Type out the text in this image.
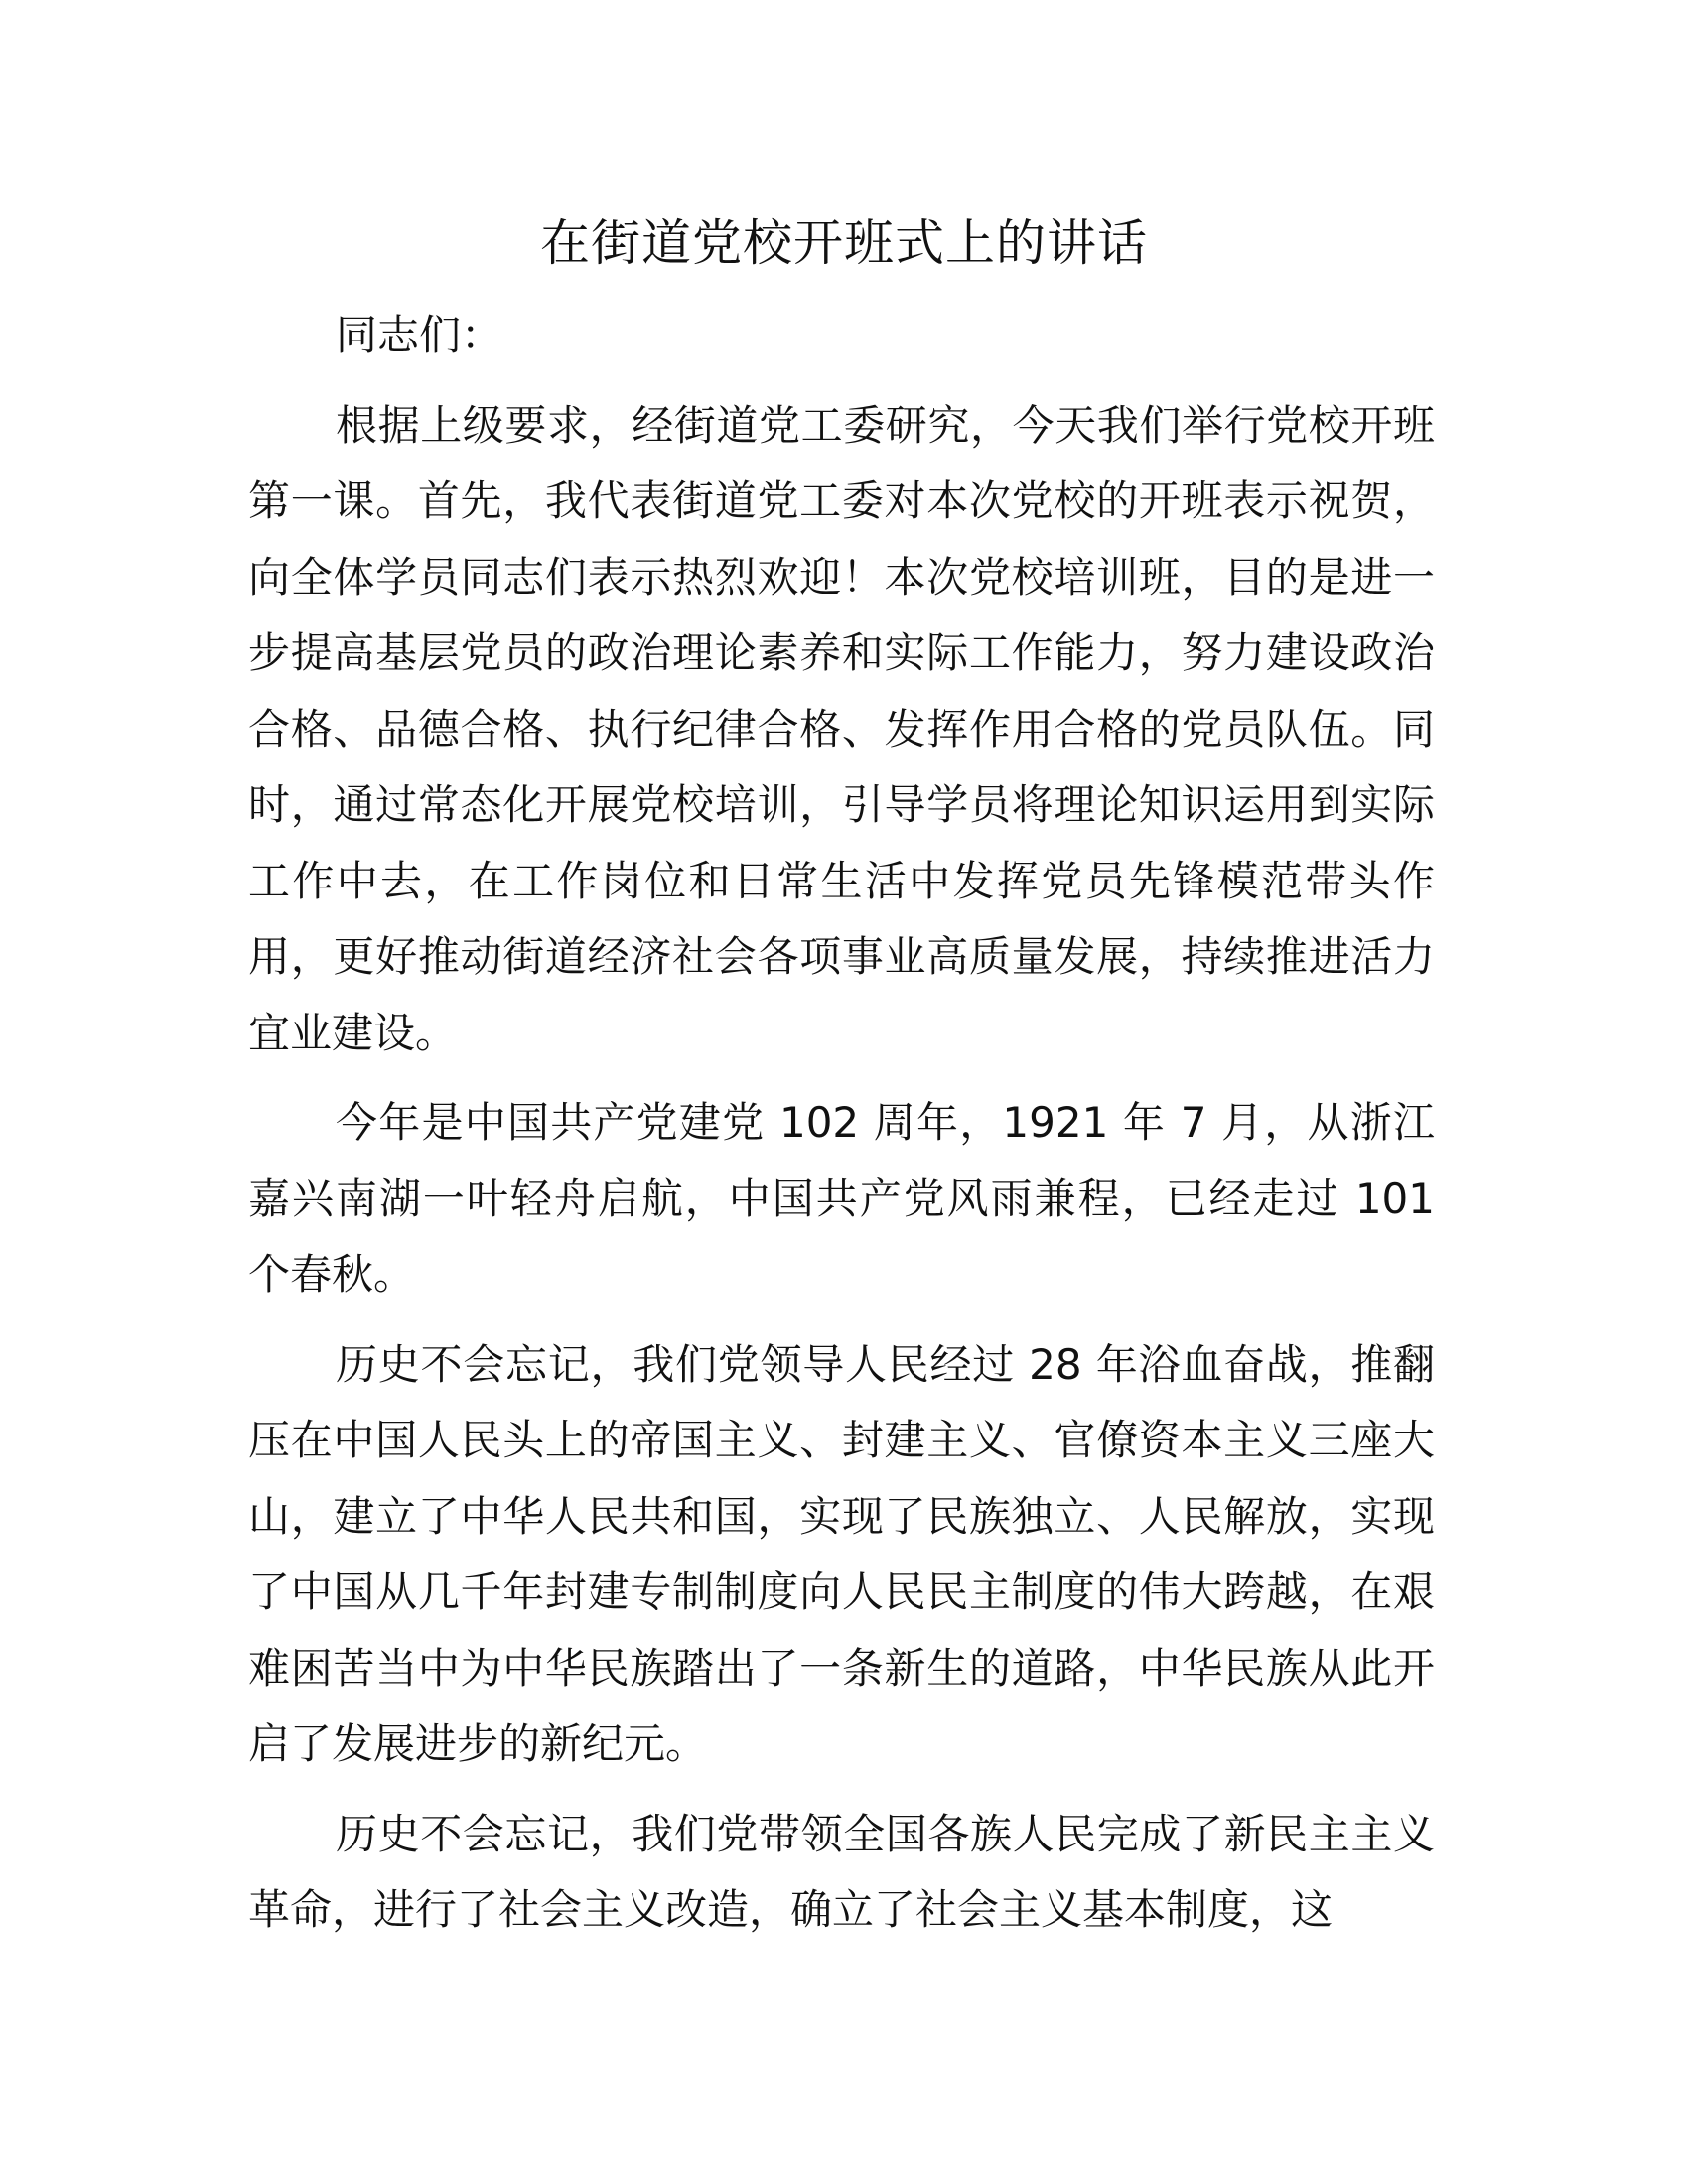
在街道党校开班式上的讲话

同志们：

根据上级要求，经街道党工委研究，今天我们举行党校开班第一课。首先，我代表街道党工委对本次党校的开班表示祝贺，向全体学员同志们表示热烈欢迎！本次党校培训班，目的是进一步提高基层党员的政治理论素养和实际工作能力，努力建设政治合格、品德合格、执行纪律合格、发挥作用合格的党员队伍。同时，通过常态化开展党校培训，引导学员将理论知识运用到实际工作中去，在工作岗位和日常生活中发挥党员先锋模范带头作用，更好推动街道经济社会各项事业高质量发展，持续推进活力宜业建设。

今年是中国共产党建党 102 周年，1921 年 7 月，从浙江嘉兴南湖一叶轻舟启航，中国共产党风雨兼程，已经走过 101 个春秋。

历史不会忘记，我们党领导人民经过 28 年浴血奋战，推翻压在中国人民头上的帝国主义、封建主义、官僚资本主义三座大山，建立了中华人民共和国，实现了民族独立、人民解放，实现了中国从几千年封建专制制度向人民民主制度的伟大跨越，在艰难困苦当中为中华民族踏出了一条新生的道路，中华民族从此开启了发展进步的新纪元。

历史不会忘记，我们党带领全国各族人民完成了新民主主义革命，进行了社会主义改造，确立了社会主义基本制度，这
